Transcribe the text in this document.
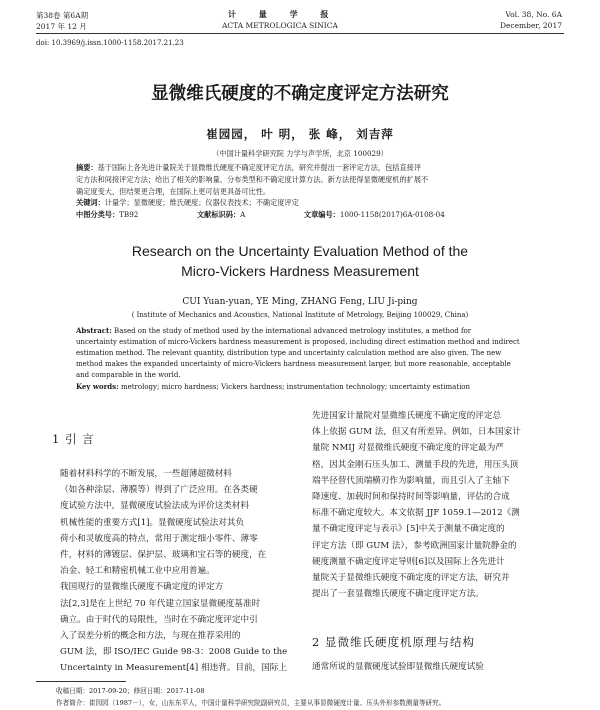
第38卷 第6A期
2017 年 12 月
计 量 学 报
ACTA METROLOGICA SINICA
Vol. 38, No. 6A
December, 2017
doi: 10.3969/j.issn.1000-1158.2017.21.23
显微维氏硬度的不确定度评定方法研究
崔园园， 叶 明， 张 峰， 刘吉萍
（中国计量科学研究院 力学与声学所，北京 100029）
摘要：基于国际上各先进计量院关于显微维氏硬度不确定度评定方法，研究并提出一套评定方法，包括直接评
定方法和间接评定方法；给出了相关的影响量、分布类型和不确定度计算方法。新方法使得显微硬度机的扩展不
确定度变大，但结果更合理，在国际上更可信更具备可比性。
关键词：计量学；显微硬度；维氏硬度；仪器仪表技术；不确定度评定
中图分类号：TB92	文献标识码：A	文章编号：1000-1158(2017)6A-0108-04
Research on the Uncertainty Evaluation Method of the
Micro-Vickers Hardness Measurement
CUI Yuan-yuan, YE Ming, ZHANG Feng, LIU Ji-ping
( Institute of Mechanics and Acoustics, National Institute of Metrology, Beijing 100029, China)
Abstract: Based on the study of method used by the international advanced metrology institutes, a method for
uncertainty estimation of micro-Vickers hardness measurement is proposed, including direct estimation method and indirect
estimation method. The relevant quantity, distribution type and uncertainty calculation method are also given. The new
method makes the expanded uncertainty of micro-Vickers hardness measurement larger, but more reasonable, acceptable
and comparable in the world.
Key words: metrology; micro hardness; Vickers hardness; instrumentation technology; uncertainty estimation
1 引 言

随着材料科学的不断发展，一些超薄超微材料

（如各种涂层、薄膜等）得到了广泛应用。在各类硬

度试验方法中，显微硬度试验法成为评价这类材料

机械性能的重要方式[1]。显微硬度试验法对其负

荷小和灵敏度高的特点，常用于测定细小零件、薄零

件，材料的薄镀层、保护层、玻璃和宝石等的硬度，在

冶金、轻工和精密机械工业中应用普遍。

我国现行的显微维氏硬度不确定度的评定方

法[2,3]是在上世纪 70 年代建立国家显微硬度基准时

确立。由于时代的局限性，当时在不确定度评定中引

入了误差分析的概念和方法，与现在推荐采用的

GUM 法，即 ISO/IEC Guide 98-3：2008 Guide to the

Uncertainty in Measurement[4] 相违背。目前，国际上

先进国家计量院对显微维氏硬度不确定度的评定总

体上依据 GUM 法，但又有所差异。例如，日本国家计

量院 NMIJ 对显微维氏硬度不确定度的评定最为严

格，因其金刚石压头加工、测量手段的先进，用压头顶

端半径替代顶端横刃作为影响量，而且引入了主轴下

降速度、加载时间和保持时间等影响量，评估的合成

标准不确定度较大。本文依据 JJF 1059.1—2012《测

量不确定度评定与表示》[5]中关于测量不确定度的

评定方法（即 GUM 法），参考欧洲国家计量院静金的

硬度测量不确定度评定导则[6]以及国际上各先进计

量院关于显微维氏硬度不确定度的评定方法，研究并

提出了一套显微维氏硬度不确定度评定方法。

2 显微维氏硬度机原理与结构
通常所说的显微硬度试验即显微维氏硬度试验
收稿日期：2017-09-20；修回日期：2017-11-08
作者简介：崔园园（1987－），女，山东东平人，中国计量科学研究院副研究员，主要从事显微硬度计量、压头外形参数测量等研究。
